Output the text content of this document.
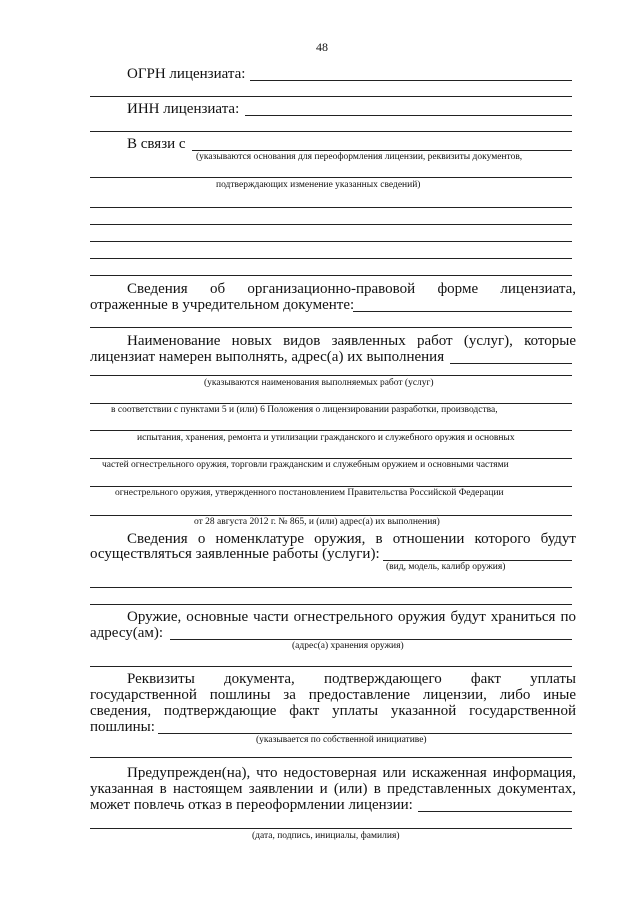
48
ОГРН лицензиата:
ИНН лицензиата:
В связи с
(указываются основания для переоформления лицензии, реквизиты документов,
подтверждающих изменение указанных сведений)
Сведения об организационно-правовой форме лицензиата,
отраженные в учредительном документе:
Наименование новых видов заявленных работ (услуг), которые
лицензиат намерен выполнять, адрес(а) их выполнения
(указываются наименования выполняемых работ (услуг)
в соответствии с пунктами 5 и (или) 6 Положения о лицензировании разработки, производства,
испытания, хранения, ремонта и утилизации гражданского и служебного оружия и основных
частей огнестрельного оружия, торговли гражданским и служебным оружием и основными частями
огнестрельного оружия, утвержденного постановлением Правительства Российской Федерации
от 28 августа 2012 г. № 865, и (или) адрес(а) их выполнения)
Сведения о номенклатуре оружия, в отношении которого будут
осуществляться заявленные работы (услуги):
(вид, модель, калибр оружия)
Оружие, основные части огнестрельного оружия будут храниться по
адресу(ам):
(адрес(а) хранения оружия)
Реквизиты документа, подтверждающего факт уплаты
государственной пошлины за предоставление лицензии, либо иные
сведения, подтверждающие факт уплаты указанной государственной
пошлины:
(указывается по собственной инициативе)
Предупрежден(на), что недостоверная или искаженная информация,
указанная в настоящем заявлении и (или) в представленных документах,
может повлечь отказ в переоформлении лицензии:
(дата, подпись, инициалы, фамилия)
